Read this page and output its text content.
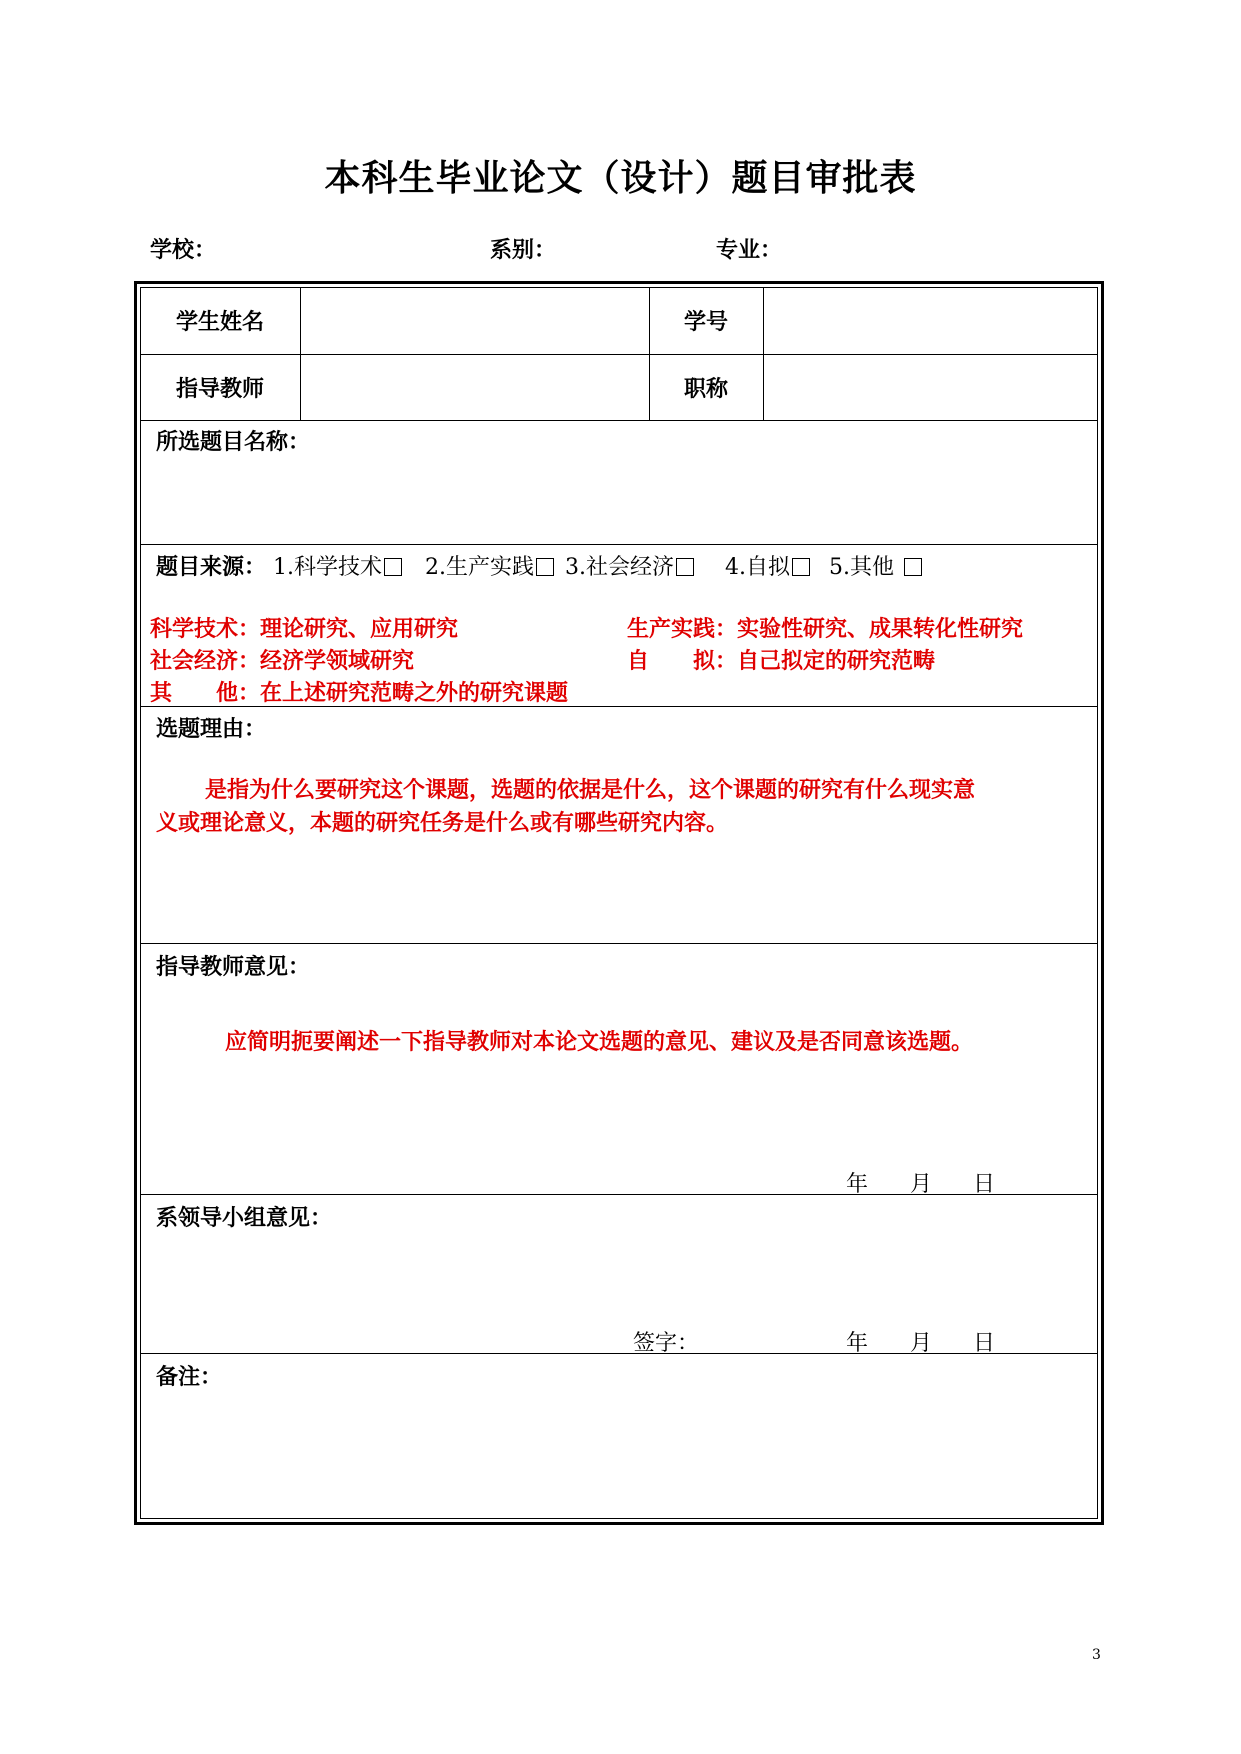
本科生毕业论文（设计）题目审批表
学校：	系别：	专业：
学生姓名	学号
指导教师	职称
所选题目名称：
题目来源： 1.科学技术 2.生产实践 3.社会经济 4.自拟 5.其他
科学技术：理论研究、应用研究	生产实践：实验性研究、成果转化性研究
社会经济：经济学领域研究	自　　拟：自己拟定的研究范畴
其　　他：在上述研究范畴之外的研究课题
选题理由：
是指为什么要研究这个课题，选题的依据是什么，这个课题的研究有什么现实意
义或理论意义，本题的研究任务是什么或有哪些研究内容。
指导教师意见：
应简明扼要阐述一下指导教师对本论文选题的意见、建议及是否同意该选题。
年 月 日
系领导小组意见：
签字：	年 月 日
备注：
3
